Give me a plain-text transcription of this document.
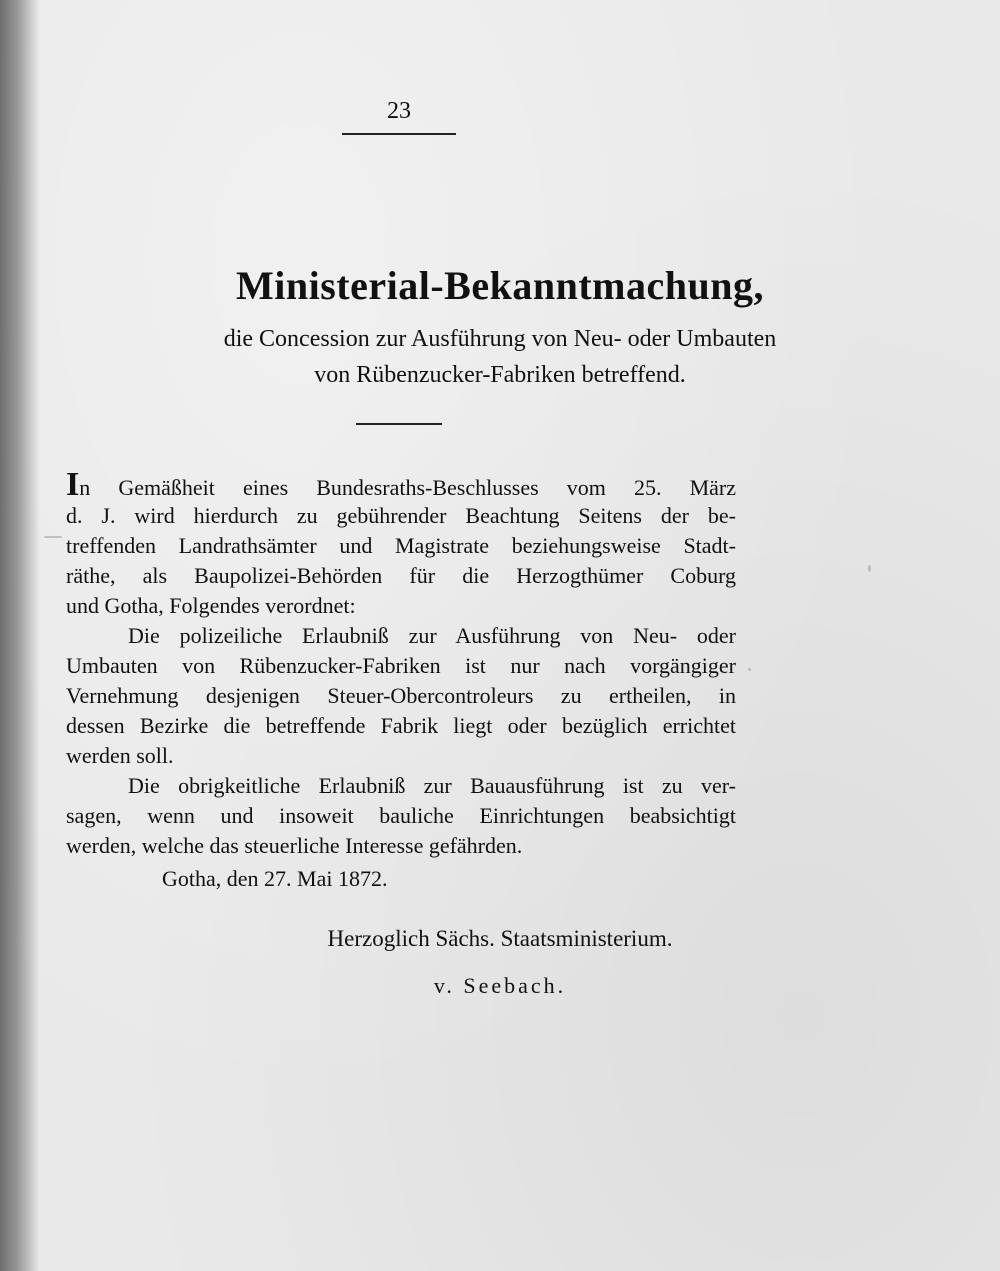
23
Ministerial-Bekanntmachung,
die Concession zur Ausführung von Neu- oder Umbauten
von Rübenzucker-Fabriken betreffend.
In Gemäßheit eines Bundesraths-Beschlusses vom 25. März
d. J. wird hierdurch zu gebührender Beachtung Seitens der be-
treffenden Landrathsämter und Magistrate beziehungsweise Stadt-
räthe, als Baupolizei-Behörden für die Herzogthümer Coburg
und Gotha, Folgendes verordnet:
Die polizeiliche Erlaubniß zur Ausführung von Neu- oder
Umbauten von Rübenzucker-Fabriken ist nur nach vorgängiger
Vernehmung desjenigen Steuer-Obercontroleurs zu ertheilen, in
dessen Bezirke die betreffende Fabrik liegt oder bezüglich errichtet
werden soll.
Die obrigkeitliche Erlaubniß zur Bauausführung ist zu ver-
sagen, wenn und insoweit bauliche Einrichtungen beabsichtigt
werden, welche das steuerliche Interesse gefährden.
Gotha, den 27. Mai 1872.
Herzoglich Sächs. Staatsministerium.
v. Seebach.
